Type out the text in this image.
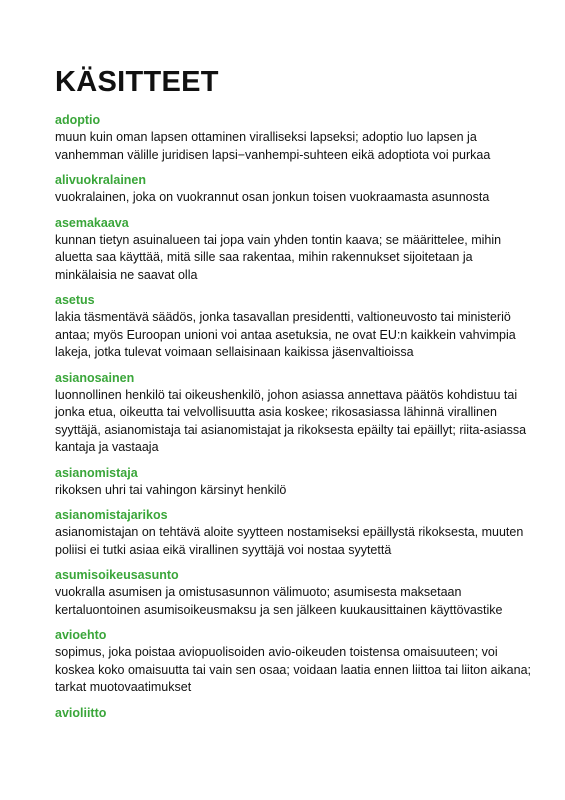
KÄSITTEET

adoptio

muun kuin oman lapsen ottaminen viralliseksi lapseksi; adoptio luo lapsen ja vanhemman välille juridisen lapsi−vanhempi-suhteen eikä adoptiota voi purkaa

alivuokralainen

vuokralainen, joka on vuokrannut osan jonkun toisen vuokraamasta asunnosta

asemakaava

kunnan tietyn asuinalueen tai jopa vain yhden tontin kaava; se määrittelee, mihin aluetta saa käyttää, mitä sille saa rakentaa, mihin rakennukset sijoitetaan ja minkälaisia ne saavat olla

asetus

lakia täsmentävä säädös, jonka tasavallan presidentti, valtioneuvosto tai ministeriö antaa; myös Euroopan unioni voi antaa asetuksia, ne ovat EU:n kaikkein vahvimpia lakeja, jotka tulevat voimaan sellaisinaan kaikissa jäsenvaltioissa

asianosainen

luonnollinen henkilö tai oikeushenkilö, johon asiassa annettava päätös kohdistuu tai jonka etua, oikeutta tai velvollisuutta asia koskee; rikosasiassa lähinnä virallinen syyttäjä, asianomistaja tai asianomistajat ja rikoksesta epäilty tai epäillyt; riita-asiassa kantaja ja vastaaja

asianomistaja

rikoksen uhri tai vahingon kärsinyt henkilö

asianomistajarikos

asianomistajan on tehtävä aloite syytteen nostamiseksi epäillystä rikoksesta, muuten poliisi ei tutki asiaa eikä virallinen syyttäjä voi nostaa syytettä

asumisoikeusasunto

vuokralla asumisen ja omistusasunnon välimuoto; asumisesta maksetaan kertaluontoinen asumisoikeusmaksu ja sen jälkeen kuukausittainen käyttövastike

avioehto

sopimus, joka poistaa aviopuolisoiden avio-oikeuden toistensa omaisuuteen; voi koskea koko omaisuutta tai vain sen osaa; voidaan laatia ennen liittoa tai liiton aikana; tarkat muotovaatimukset

avioliitto
